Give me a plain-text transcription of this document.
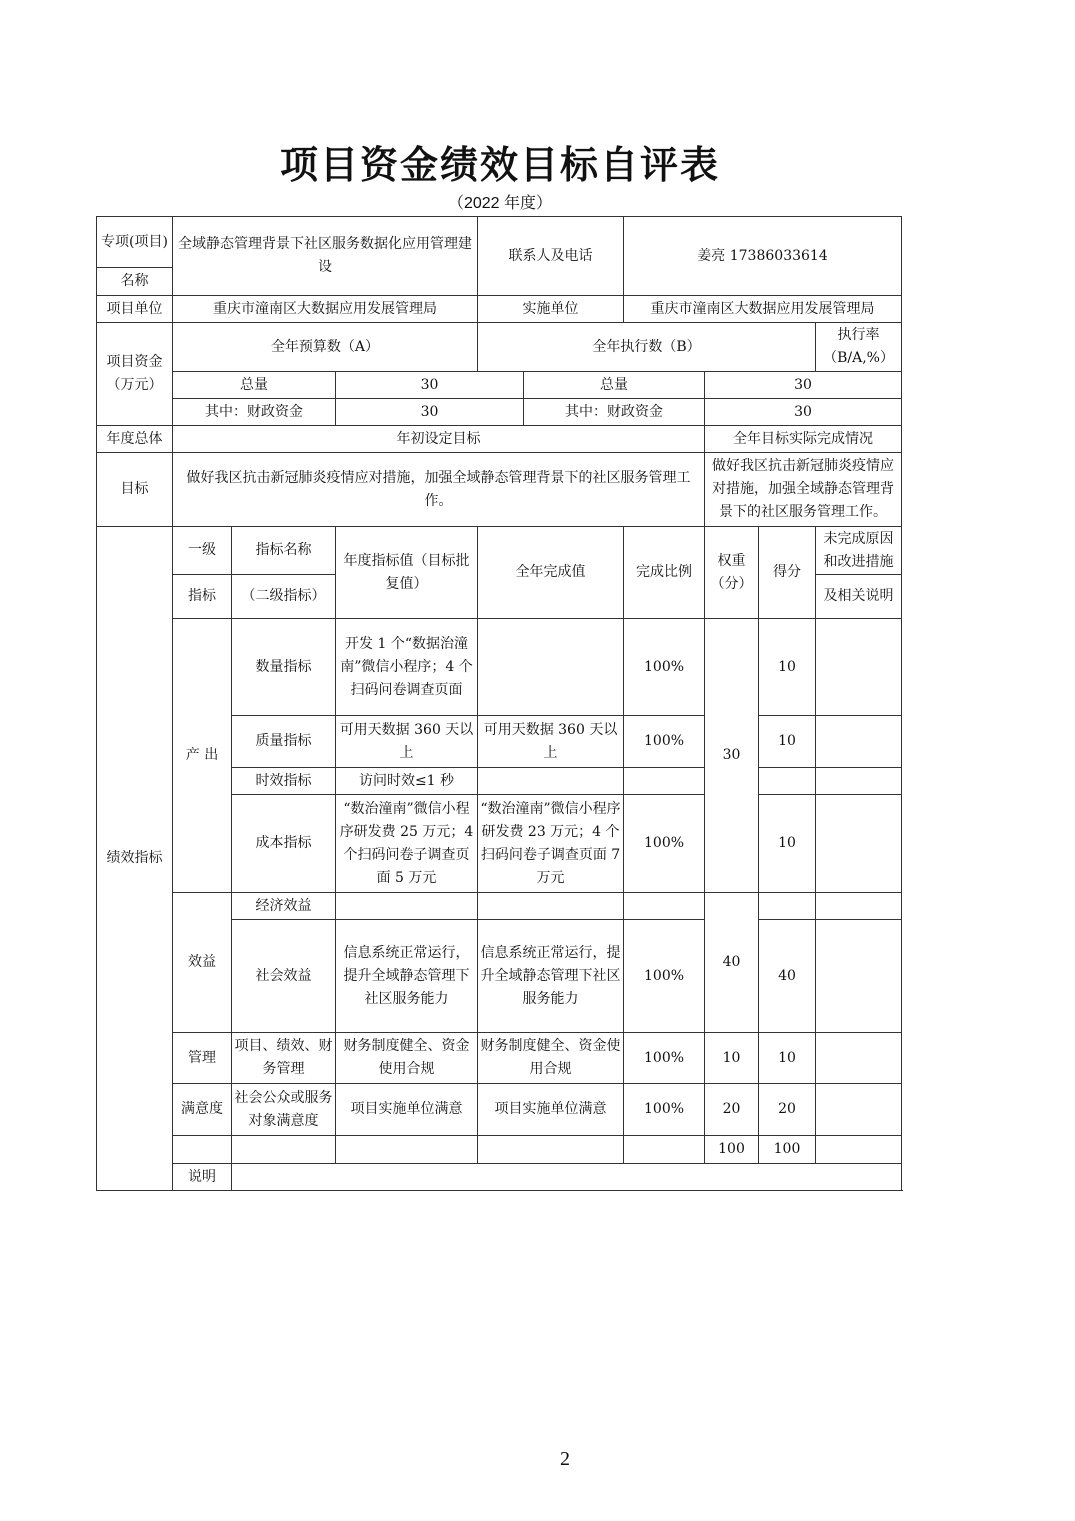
项目资金绩效目标自评表
（2022 年度）
专项(项目)	全域静态管理背景下社区服务数据化应用管理建设			联系人及电话		姜亮 17386033614				
名称										
项目单位	重庆市潼南区大数据应用发展管理局			实施单位		重庆市潼南区大数据应用发展管理局				
项目资金（万元）	全年预算数（A）			全年执行数（B）					执行率（B/A,%）	
	总量		30		总量		30	
	其中：财政资金		30		其中：财政资金		30	
年度总体	年初设定目标						全年目标实际完成情况			
目标	做好我区抗击新冠肺炎疫情应对措施，加强全域静态管理背景下的社区服务管理工作。						做好我区抗击新冠肺炎疫情应对措施，加强全域静态管理背景下的社区服务管理工作。			
绩效指标	一级	指标名称	年度指标值（目标批复值）	全年完成值		完成比例	权重（分）	得分	未完成原因和改进措施	
	指标	（二级指标）							及相关说明	
	产 出	数量指标	开发 1 个“数据治潼南”微信小程序；4 个扫码问卷调查页面			100%	30	10		
		质量指标	可用天数据 360 天以上	可用天数据 360 天以上		100%		10		
		时效指标	访问时效≤1 秒							
		成本指标	“数治潼南”微信小程序研发费 25 万元；4 个扫码问卷子调查页面 5 万元	“数治潼南”微信小程序研发费 23 万元；4 个扫码问卷子调查页面 7 万元		100%		10		
	效益	经济效益					40			
		社会效益	信息系统正常运行，提升全域静态管理下社区服务能力	信息系统正常运行，提升全域静态管理下社区服务能力		100%		40		
	管理	项目、绩效、财务管理	财务制度健全、资金使用合规	财务制度健全、资金使用合规		100%	10	10		
	满意度	社会公众或服务对象满意度	项目实施单位满意	项目实施单位满意		100%	20	20		
							100	100		
	说明									
2
